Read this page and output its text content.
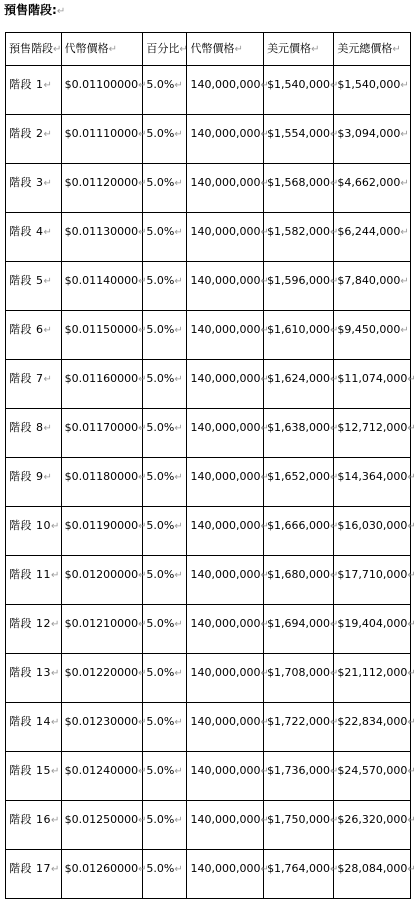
預售階段:↵
預售階段↵	代幣價格↵	百分比↵	代幣價格↵	美元價格↵	美元總價格↵
階段 1↵	$0.01100000↵	5.0%↵	140,000,000↵	$1,540,000↵	$1,540,000↵
階段 2↵	$0.01110000↵	5.0%↵	140,000,000↵	$1,554,000↵	$3,094,000↵
階段 3↵	$0.01120000↵	5.0%↵	140,000,000↵	$1,568,000↵	$4,662,000↵
階段 4↵	$0.01130000↵	5.0%↵	140,000,000↵	$1,582,000↵	$6,244,000↵
階段 5↵	$0.01140000↵	5.0%↵	140,000,000↵	$1,596,000↵	$7,840,000↵
階段 6↵	$0.01150000↵	5.0%↵	140,000,000↵	$1,610,000↵	$9,450,000↵
階段 7↵	$0.01160000↵	5.0%↵	140,000,000↵	$1,624,000↵	$11,074,000↵
階段 8↵	$0.01170000↵	5.0%↵	140,000,000↵	$1,638,000↵	$12,712,000↵
階段 9↵	$0.01180000↵	5.0%↵	140,000,000↵	$1,652,000↵	$14,364,000↵
階段 10↵	$0.01190000↵	5.0%↵	140,000,000↵	$1,666,000↵	$16,030,000↵
階段 11↵	$0.01200000↵	5.0%↵	140,000,000↵	$1,680,000↵	$17,710,000↵
階段 12↵	$0.01210000↵	5.0%↵	140,000,000↵	$1,694,000↵	$19,404,000↵
階段 13↵	$0.01220000↵	5.0%↵	140,000,000↵	$1,708,000↵	$21,112,000↵
階段 14↵	$0.01230000↵	5.0%↵	140,000,000↵	$1,722,000↵	$22,834,000↵
階段 15↵	$0.01240000↵	5.0%↵	140,000,000↵	$1,736,000↵	$24,570,000↵
階段 16↵	$0.01250000↵	5.0%↵	140,000,000↵	$1,750,000↵	$26,320,000↵
階段 17↵	$0.01260000↵	5.0%↵	140,000,000↵	$1,764,000↵	$28,084,000↵
